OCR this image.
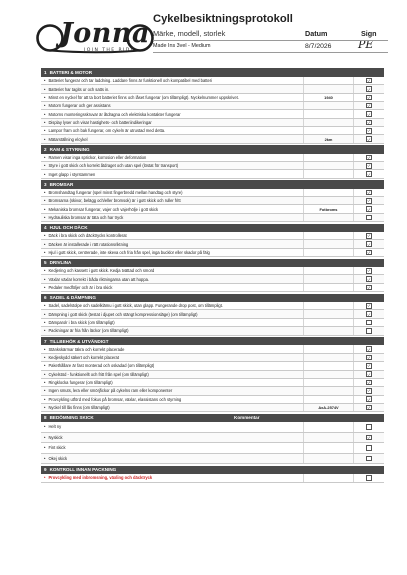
Jonna
JOIN THE RIDE
Cykelbesiktningsprotokoll
Märke, modell, storlek
Made Ins 3vel - Medium
Datum
8/7/2026
Sign
PE
1 BATTERI & MOTOR
• Batteriet fungerar och tar laddning. Laddare finns är funktionell och kompatibel med batteri
• Batteriet har tagits ur och satts in.
• Minst en nyckel för att ta bort batteriet finns och låset fungerar (om tillämpligt). Nyckelnummer uppskrivet.	1940
• Motorn fungerar och ger assistans
• Motorns monteringsskruvar är åtdragna och elektriska kontakter fungerar
• Display lyser och visar hastighets- och batteriindikeringar
• Lampor fram och bak fungerar, om cykeln är utrustad med detta.
• Mätarställning elcykel	2km
2 RAM & STYRNING
• Ramen visar inga sprickor, korrosion eller deformation
• Styre i gott skick och korrekt åtdraget och utan spel (löstat för transport)
• Inget glapp i styrstammen
3 BROMSAR
• Bromshandtag fungerar (spel minst fingerbredd mellan handtag och styre)
• Bromsarna (skivor, belägg och/eller bromsok) är i gott skick och ruller fritt
• Mekaniska bromsar fungerar, vajer och vajerhölje i gott skick	Fotbroms
• Hydrauliska bromsar är täta och har tryck
4 HJUL OCH DÄCK
• Däck i bra skick och däcktrycks kontrollerat
• Däcken är installerade i rätt rotationsriktning
• Hjul i gott skick, centrerade, inte skeva och fria från spel, inga bucklor eller skador på fälg
5 DRIVLINA
• Kedjering och kassett i gott skick. Kedja tvättad och smord
• Växlar växlar korrekt i båda riktningarna utan att hoppa.
• Pedaler medföljer och är i bra skick
6 SADEL & DÄMPNING
• Sadel, sadelstolpe och sadelklämu i gott skick, utan glapp. Fungerande drop post, om tillämpligt.
• Dämpning i gott skick (testat i djupet och stängt kompressionsläge) (om tillämpligt)
• Dämparolr i bra skick (om tillämpligt)
• Packningar är fria från läckor (om tillämpligt)
7 TILLBEHÖR & UTVÄNDIGT
• Stänkskärmar täkra och korrekt placerade
• Kedjeskydd säkert och korrekt placerat
• Pakethållare är fast monterad och oskadad (om tillämpligt)
• Cykelstöd - funktionellt och fritt från spel (om tillämpligt)
• Ringklocka fungerar (om tillämpligt)
• Ingen smuts, lera eller smörjfickor på cykelns ram eller komponenter
• Provcykling utförd med fokus på bromsar, växlar, elassistans och styrning
• Nyckel till lås finns (om tillämpligt)	AxA-2574V
8 BEDÖMNING SKICK	Kommentar
• Helt ny
• Nyskick
• Fint skick
• Okej skick
9 KONTROLL INNAN PACKNING
• Provcykling med inbromsning, växling och däcktryck
